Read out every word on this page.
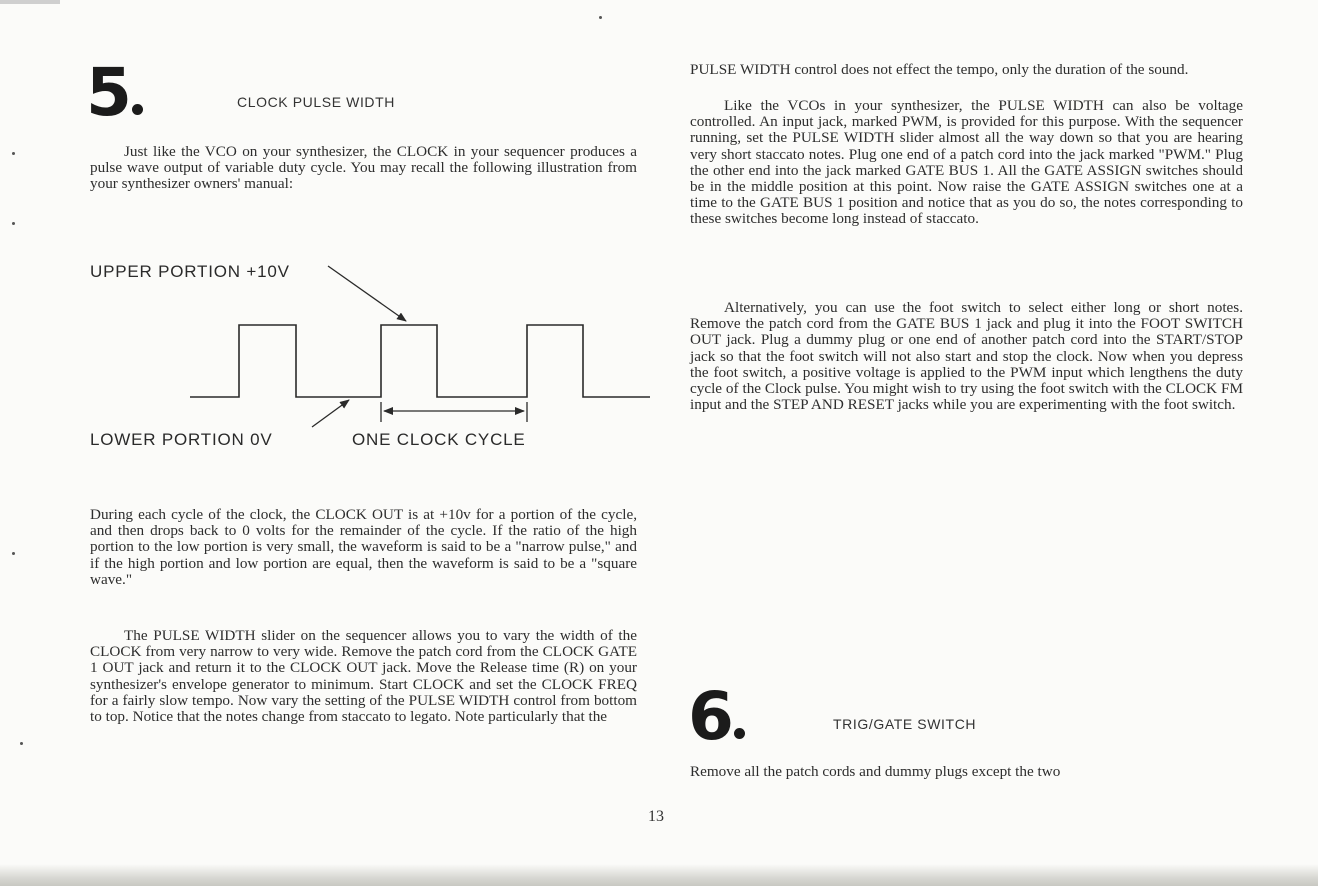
5	CLOCK PULSE WIDTH

Just like the VCO on your synthesizer, the CLOCK in your sequencer produces a pulse wave output of variable duty cycle. You may recall the following illustration from your synthesizer owners' manual:

UPPER PORTION +10V
LOWER PORTION 0V	ONE CLOCK CYCLE

During each cycle of the clock, the CLOCK OUT is at +10v for a portion of the cycle, and then drops back to 0 volts for the remainder of the cycle. If the ratio of the high portion to the low portion is very small, the waveform is said to be a "narrow pulse," and if the high portion and low portion are equal, then the waveform is said to be a "square wave."

The PULSE WIDTH slider on the sequencer allows you to vary the width of the CLOCK from very narrow to very wide. Remove the patch cord from the CLOCK GATE 1 OUT jack and return it to the CLOCK OUT jack. Move the Release time (R) on your synthesizer's envelope generator to minimum. Start CLOCK and set the CLOCK FREQ for a fairly slow tempo. Now vary the setting of the PULSE WIDTH control from bottom to top. Notice that the notes change from staccato to legato. Note particularly that the

PULSE WIDTH control does not effect the tempo, only the duration of the sound.

Like the VCOs in your synthesizer, the PULSE WIDTH can also be voltage controlled. An input jack, marked PWM, is provided for this purpose. With the sequencer running, set the PULSE WIDTH slider almost all the way down so that you are hearing very short staccato notes. Plug one end of a patch cord into the jack marked "PWM." Plug the other end into the jack marked GATE BUS 1. All the GATE ASSIGN switches should be in the middle position at this point. Now raise the GATE ASSIGN switches one at a time to the GATE BUS 1 position and notice that as you do so, the notes corresponding to these switches become long instead of staccato.

Alternatively, you can use the foot switch to select either long or short notes. Remove the patch cord from the GATE BUS 1 jack and plug it into the FOOT SWITCH OUT jack. Plug a dummy plug or one end of another patch cord into the START/STOP jack so that the foot switch will not also start and stop the clock. Now when you depress the foot switch, a positive voltage is applied to the PWM input which lengthens the duty cycle of the Clock pulse. You might wish to try using the foot switch with the CLOCK FM input and the STEP AND RESET jacks while you are experimenting with the foot switch.

6	TRIG/GATE SWITCH

Remove all the patch cords and dummy plugs except the two

13
